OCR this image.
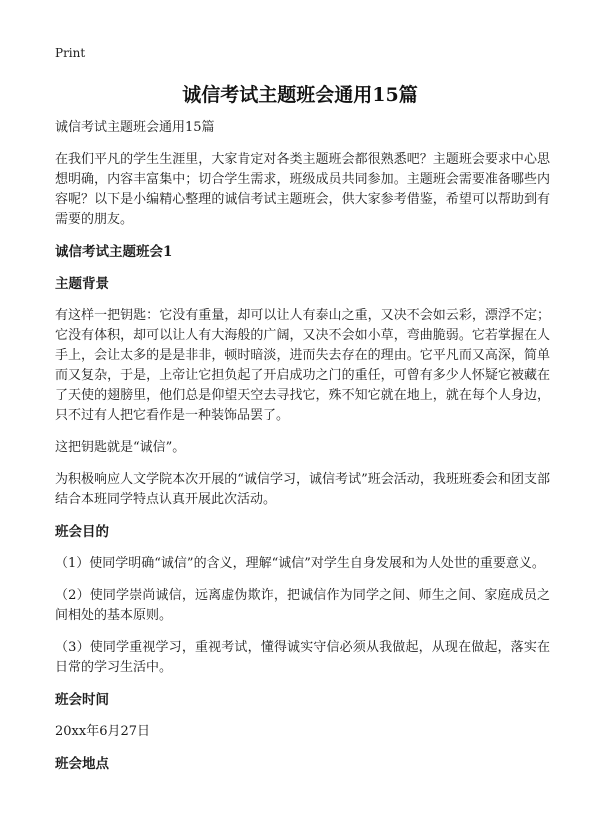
Print
诚信考试主题班会通用15篇

诚信考试主题班会通用15篇

在我们平凡的学生生涯里，大家肯定对各类主题班会都很熟悉吧？主题班会要求中心思想明确，内容丰富集中；切合学生需求，班级成员共同参加。主题班会需要准备哪些内容呢？以下是小编精心整理的诚信考试主题班会，供大家参考借鉴，希望可以帮助到有需要的朋友。

诚信考试主题班会1

主题背景

有这样一把钥匙：它没有重量，却可以让人有泰山之重，又决不会如云彩，漂浮不定；它没有体积，却可以让人有大海般的广阔，又决不会如小草，弯曲脆弱。它若掌握在人手上，会让太多的是是非非，顿时暗淡，进而失去存在的理由。它平凡而又高深，简单而又复杂，于是，上帝让它担负起了开启成功之门的重任，可曾有多少人怀疑它被藏在了天使的翅膀里，他们总是仰望天空去寻找它，殊不知它就在地上，就在每个人身边，只不过有人把它看作是一种装饰品罢了。

这把钥匙就是“诚信”。

为积极响应人文学院本次开展的“诚信学习，诚信考试”班会活动，我班班委会和团支部结合本班同学特点认真开展此次活动。

班会目的

（1）使同学明确“诚信”的含义，理解“诚信”对学生自身发展和为人处世的重要意义。

（2）使同学崇尚诚信，远离虚伪欺诈，把诚信作为同学之间、师生之间、家庭成员之间相处的基本原则。

（3）使同学重视学习，重视考试，懂得诚实守信必须从我做起，从现在做起，落实在日常的学习生活中。

班会时间

20xx年6月27日

班会地点
